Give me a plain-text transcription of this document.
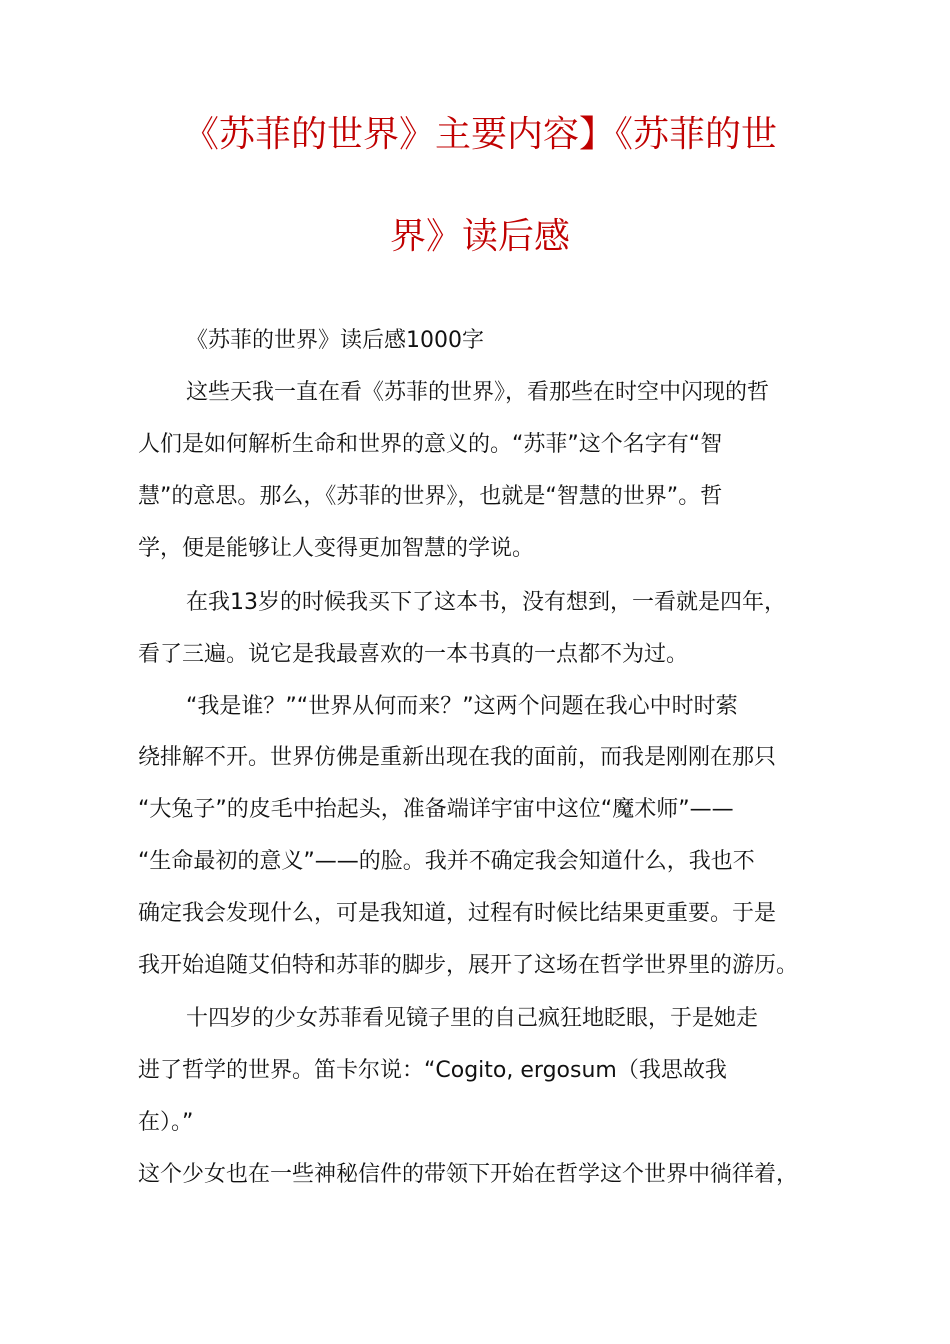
《苏菲的世界》主要内容】《苏菲的世
界》读后感
《苏菲的世界》读后感1000字
这些天我一直在看《苏菲的世界》，看那些在时空中闪现的哲
人们是如何解析生命和世界的意义的。“苏菲”这个名字有“智
慧”的意思。那么，《苏菲的世界》，也就是“智慧的世界”。哲
学，便是能够让人变得更加智慧的学说。
在我13岁的时候我买下了这本书，没有想到，一看就是四年，
看了三遍。说它是我最喜欢的一本书真的一点都不为过。
“我是谁？”“世界从何而来？”这两个问题在我心中时时萦
绕排解不开。世界仿佛是重新出现在我的面前，而我是刚刚在那只
“大兔子”的皮毛中抬起头，准备端详宇宙中这位“魔术师”——
“生命最初的意义”——的脸。我并不确定我会知道什么，我也不
确定我会发现什么，可是我知道，过程有时候比结果更重要。于是
我开始追随艾伯特和苏菲的脚步，展开了这场在哲学世界里的游历。
十四岁的少女苏菲看见镜子里的自己疯狂地眨眼，于是她走
进了哲学的世界。笛卡尔说：“Cogito, ergosum（我思故我
在）。”
这个少女也在一些神秘信件的带领下开始在哲学这个世界中徜徉着，
